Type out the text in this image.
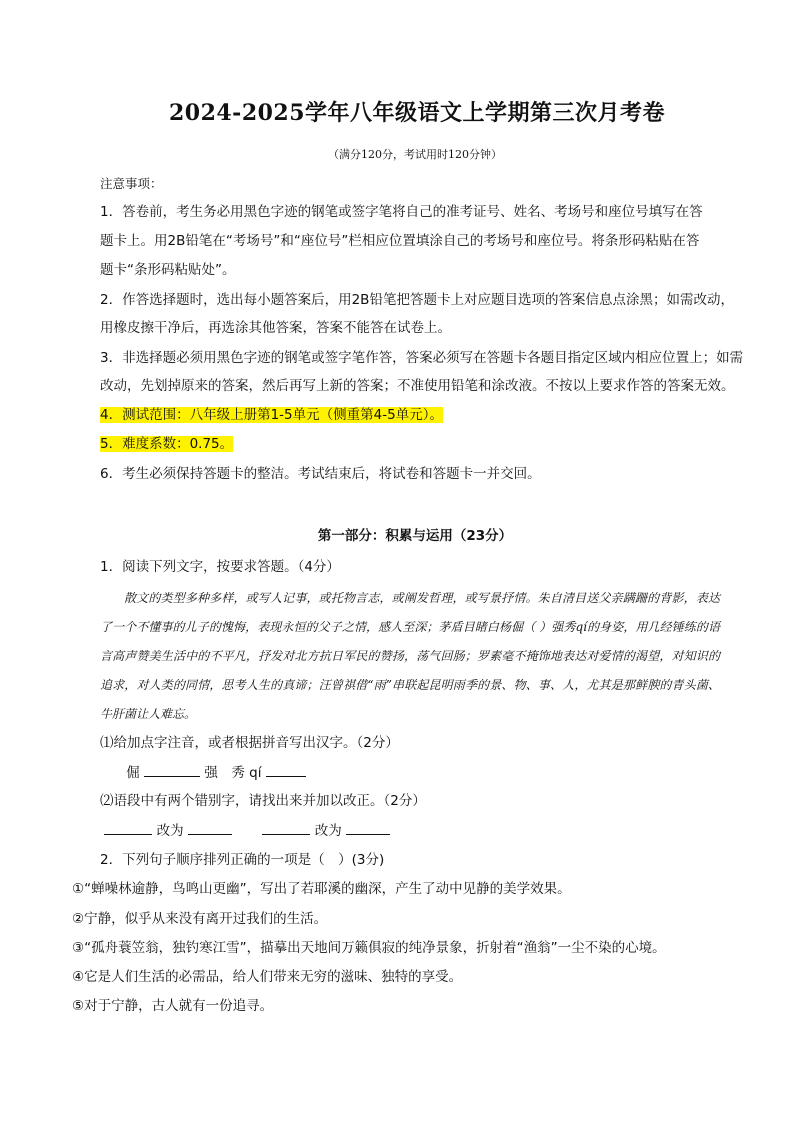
2024-2025学年八年级语文上学期第三次月考卷
（满分120分，考试用时120分钟）
注意事项：
1．答卷前，考生务必用黑色字迹的钢笔或签字笔将自己的准考证号、姓名、考场号和座位号填写在答
题卡上。用2B铅笔在“考场号”和“座位号”栏相应位置填涂自己的考场号和座位号。将条形码粘贴在答
题卡“条形码粘贴处”。
2．作答选择题时，选出每小题答案后，用2B铅笔把答题卡上对应题目选项的答案信息点涂黑；如需改动，
用橡皮擦干净后，再选涂其他答案，答案不能答在试卷上。
3．非选择题必须用黑色字迹的钢笔或签字笔作答，答案必须写在答题卡各题目指定区域内相应位置上；如需
改动，先划掉原来的答案，然后再写上新的答案；不准使用铅笔和涂改液。不按以上要求作答的答案无效。
4．测试范围：八年级上册第1-5单元（侧重第4-5单元）。
5．难度系数：0.75。
6．考生必须保持答题卡的整洁。考试结束后，将试卷和答题卡一并交回。
第一部分：积累与运用（23分）
1．阅读下列文字，按要求答题。（4分）
散文的类型多种多样，或写人记事，或托物言志，或阐发哲理，或写景抒情。朱自清目送父亲蹒跚的背影，表达了一个不懂事的儿子的愧悔，表现永恒的父子之情，感人至深；茅盾目睹白杨倔（ ）强秀qí的身姿，用几经锤练的语言高声赞美生活中的不平凡，抒发对北方抗日军民的赞扬，荡气回肠；罗素毫不掩饰地表达对爱情的渴望，对知识的追求，对人类的同情，思考人生的真谛；汪曾祺借“雨”串联起昆明雨季的景、物、事、人，尤其是那鲜腴的青头菌、牛肝菌让人难忘。
⑴给加点字注音，或者根据拼音写出汉字。（2分）
倔	强　秀 qí
⑵语段中有两个错别字，请找出来并加以改正。（2分）
改为	改为
2．下列句子顺序排列正确的一项是（　）(3分)
①“蝉噪林逾静，鸟鸣山更幽”，写出了若耶溪的幽深，产生了动中见静的美学效果。
②宁静，似乎从来没有离开过我们的生活。
③“孤舟蓑笠翁，独钓寒江雪”，描摹出天地间万籁俱寂的纯净景象，折射着“渔翁”一尘不染的心境。
④它是人们生活的必需品，给人们带来无穷的滋味、独特的享受。
⑤对于宁静，古人就有一份追寻。
